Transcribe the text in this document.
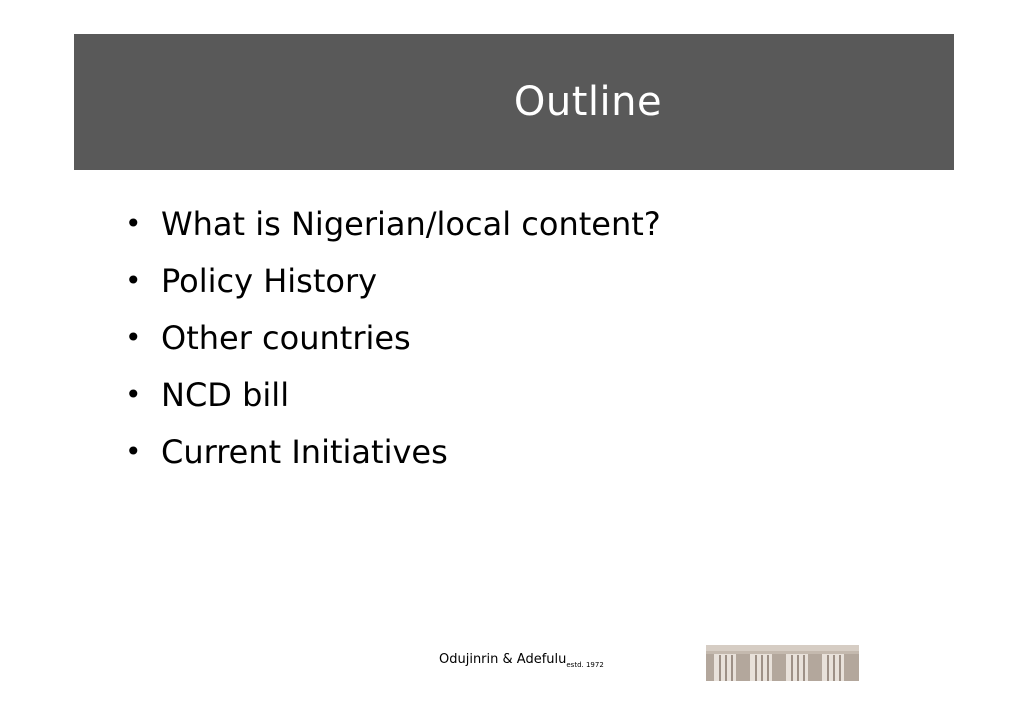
Outline
• What is Nigerian/local content?
• Policy History
• Other countries
• NCD bill
• Current Initiatives
Odujinrin & Adefulu$_{estd. 1972}$
